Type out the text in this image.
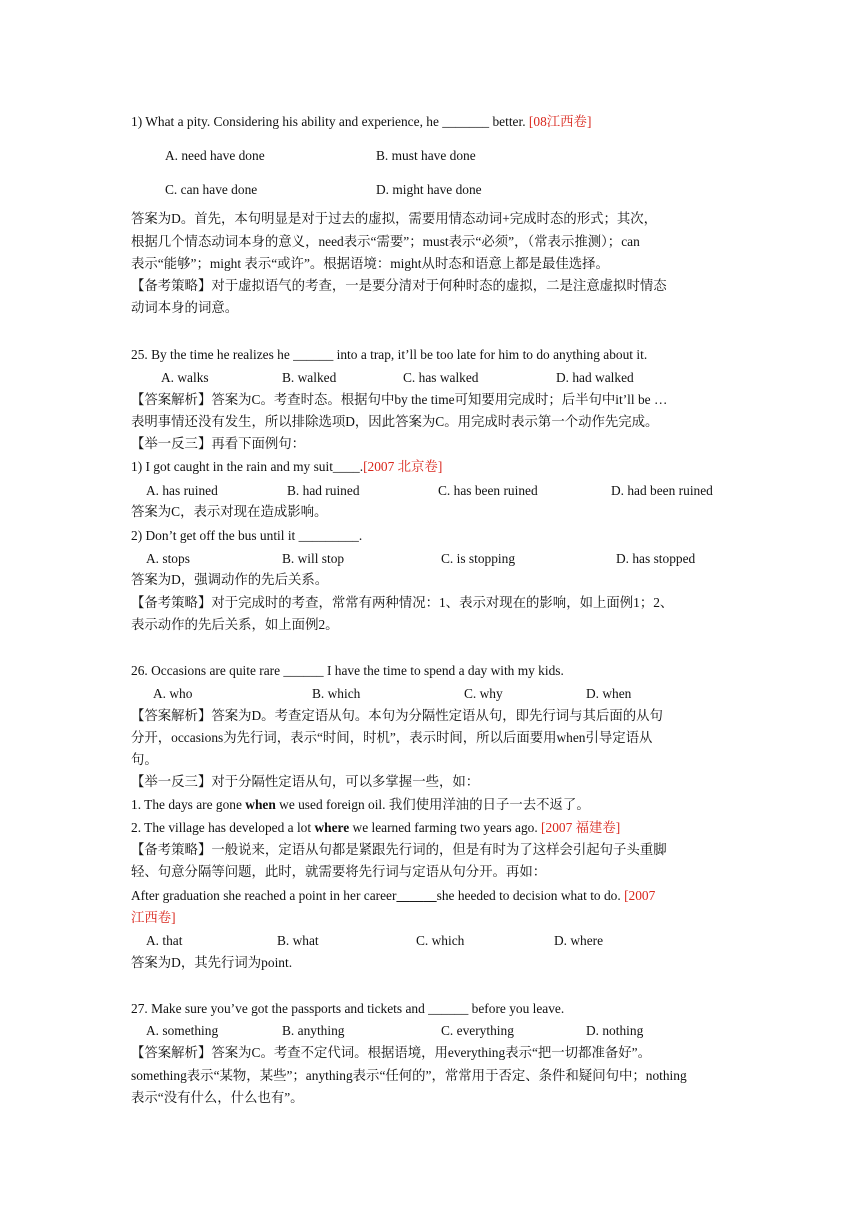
1) What a pity. Considering his ability and experience, he _______ better. [08江西卷]
A. need have done	B. must have done
C. can have done	D. might have done
答案为D。首先，本句明显是对于过去的虚拟，需要用情态动词+完成时态的形式；其次，
根据几个情态动词本身的意义，need表示“需要”；must表示“必须”，（常表示推测）；can
表示“能够”；might 表示“或许”。根据语境：might从时态和语意上都是最佳选择。
【备考策略】对于虚拟语气的考查，一是要分清对于何种时态的虚拟，二是注意虚拟时情态
动词本身的词意。
25. By the time he realizes he ______ into a trap, it’ll be too late for him to do anything about it.
A. walks	B. walked	C. has walked	D. had walked
【答案解析】答案为C。考查时态。根据句中by the time可知要用完成时；后半句中it’ll be …
表明事情还没有发生，所以排除选项D，因此答案为C。用完成时表示第一个动作先完成。
【举一反三】再看下面例句：
1) I got caught in the rain and my suit____.[2007 北京卷]
A. has ruined	B. had ruined	C. has been ruined	D. had been ruined
答案为C，表示对现在造成影响。
2) Don’t get off the bus until it _________.
A. stops	B. will stop	C. is stopping	D. has stopped
答案为D，强调动作的先后关系。
【备考策略】对于完成时的考查，常常有两种情况：1、表示对现在的影响，如上面例1；2、
表示动作的先后关系，如上面例2。
26. Occasions are quite rare ______ I have the time to spend a day with my kids.
A. who	B. which	C. why	D. when
【答案解析】答案为D。考查定语从句。本句为分隔性定语从句，即先行词与其后面的从句
分开，occasions为先行词，表示“时间，时机”，表示时间，所以后面要用when引导定语从
句。
【举一反三】对于分隔性定语从句，可以多掌握一些，如：
1. The days are gone when we used foreign oil. 我们使用洋油的日子一去不返了。
2. The village has developed a lot where we learned farming two years ago. [2007 福建卷]
【备考策略】一般说来，定语从句都是紧跟先行词的，但是有时为了这样会引起句子头重脚
轻、句意分隔等问题，此时，就需要将先行词与定语从句分开。再如：
After graduation she reached a point in her career______she heeded to decision what to do. [2007
江西卷]
A. that	B. what	C. which	D. where
答案为D，其先行词为point.
27. Make sure you’ve got the passports and tickets and ______ before you leave.
A. something	B. anything	C. everything	D. nothing
【答案解析】答案为C。考查不定代词。根据语境，用everything表示“把一切都准备好”。
something表示“某物，某些”；anything表示“任何的”，常常用于否定、条件和疑问句中；nothing
表示“没有什么，什么也有”。
